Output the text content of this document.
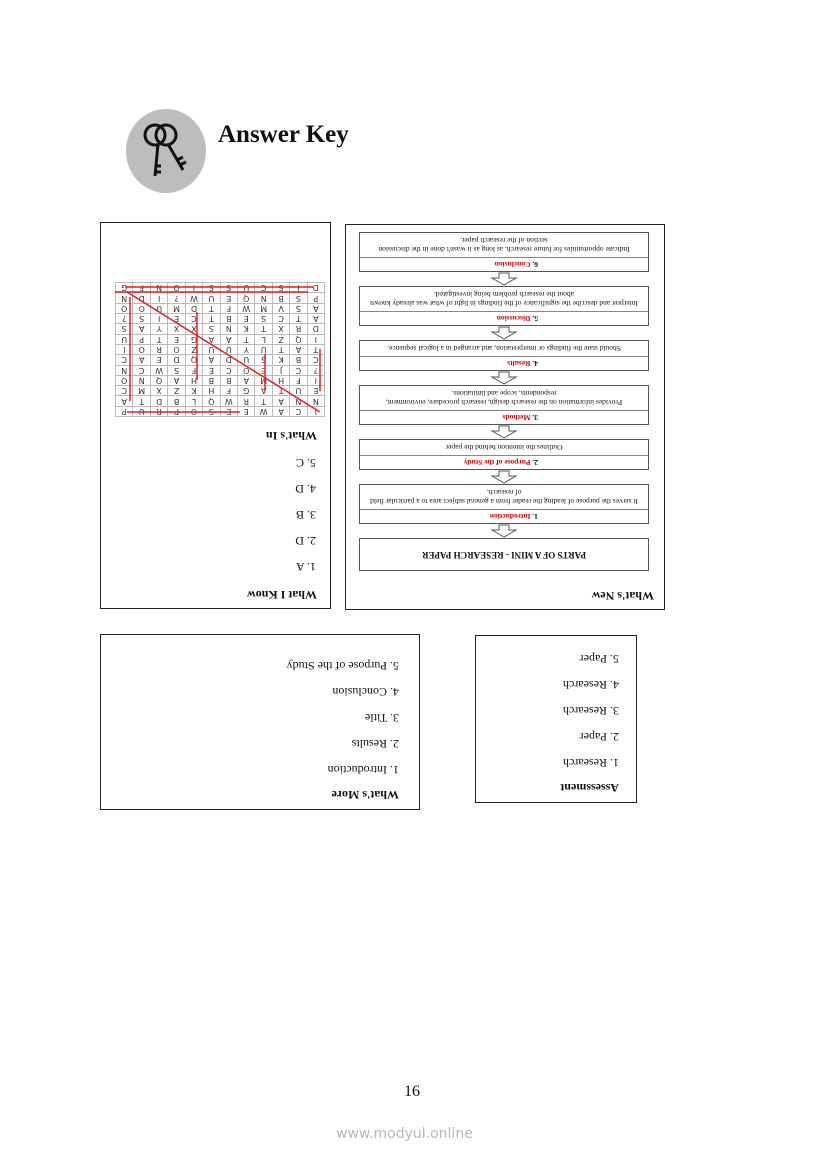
Answer Key
What I Know
1. A
2. D
3. B
4. D
5. C
What's In
I	C	A	W	E	E	S	O	P	R	U	P
N	N	A	T	R	W	Q	L	B	D	T	A
E	U	T	A	G	F	H	K	Z	X	M	C
I	F	H	M	A	B	B	H	A	Q	N	O
?	C	J	E	O	C	E	F	S	W	C	N
C	B	K	S	U	D	A	Q	D	E	A	C
T	A	T	U	Y	U	U	Z	O	R	O	I
I	Q	Z	L	T	A	A	G	E	T	P	U
D	R	X	T	K	N	S	X	X	Y	A	S
A	T	C	S	E	B	T	C	E	I	S	?
A	S	V	M	W	F	T	D	M	U	O	O
P	S	B	N	Q	E	U	W	?	I	D	N
D	I	S	C	U	S	S	I	O	N	F	G
What's New
PARTS OF A MINI - RESEARCH PAPER
1. Introduction
It serves the purpose of leading the reader from a general subject area to a particular field of research.
2. Purpose of the Study
Outlines the intention behind the paper
3. Methods
Provides information on the research design, research procedure, environment, respondents, scope and limitations.
4. Results
Should state the findings or interpretation, and arranged in a logical sequence.
5. Discussion
Interpret and describe the significance of the findings in light of what was already known about the research problem being investigated.
6. Conclusion
Indicate opportunities for future research, as long as it wasn't done in the discussion section of the research paper.
What's More
1. Introduction
2. Results
3. Title
4. Conclusion
5. Purpose of the Study
Assessment
1. Research
2. Paper
3. Research
4. Research
5. Paper
16
www.modyul.online
